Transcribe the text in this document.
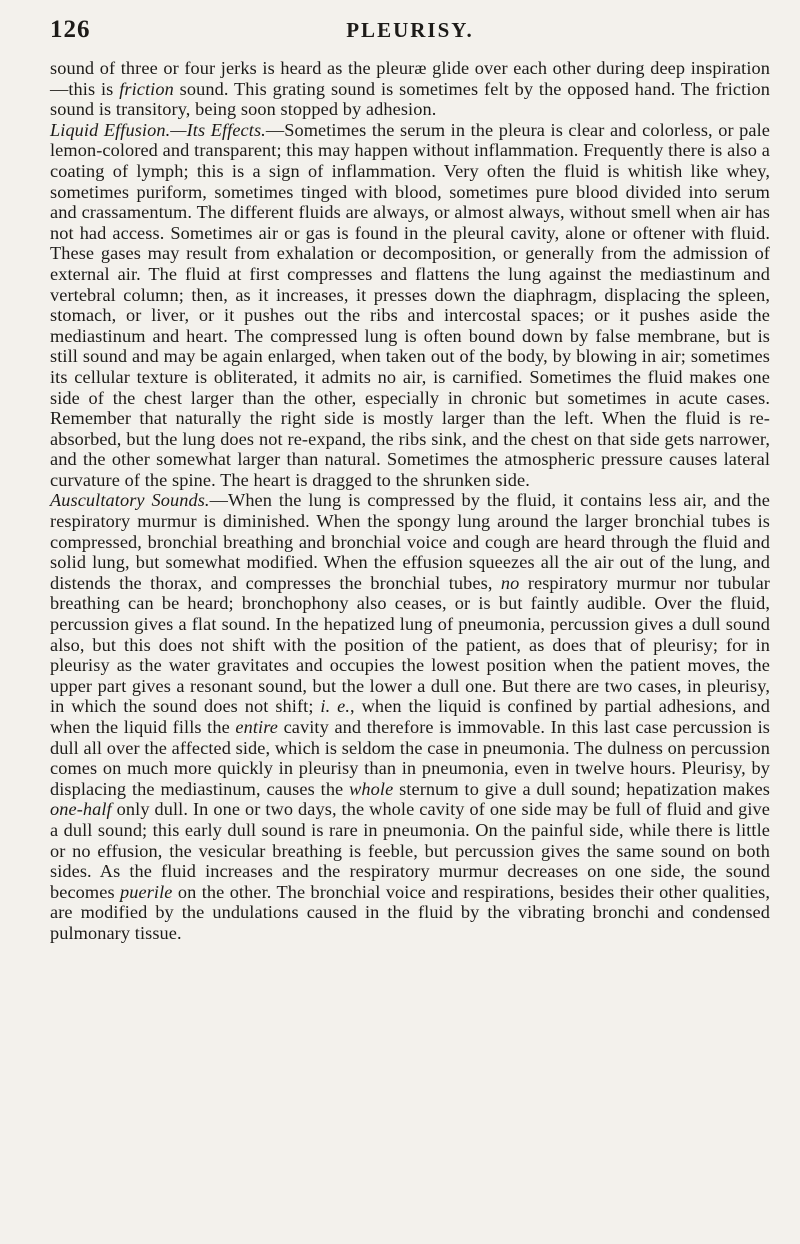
126	PLEURISY.

sound of three or four jerks is heard as the pleuræ glide over each other during deep inspiration—this is friction sound. This grating sound is sometimes felt by the opposed hand. The friction sound is transitory, being soon stopped by adhesion.

Liquid Effusion.—Its Effects.—Sometimes the serum in the pleura is clear and colorless, or pale lemon-colored and transparent; this may happen without inflammation. Frequently there is also a coating of lymph; this is a sign of inflammation. Very often the fluid is whitish like whey, sometimes puriform, sometimes tinged with blood, sometimes pure blood divided into serum and crassamentum. The different fluids are always, or almost always, without smell when air has not had access. Sometimes air or gas is found in the pleural cavity, alone or oftener with fluid. These gases may result from exhalation or decomposition, or generally from the admission of external air. The fluid at first compresses and flattens the lung against the mediastinum and vertebral column; then, as it increases, it presses down the diaphragm, displacing the spleen, stomach, or liver, or it pushes out the ribs and intercostal spaces; or it pushes aside the mediastinum and heart. The compressed lung is often bound down by false membrane, but is still sound and may be again enlarged, when taken out of the body, by blowing in air; sometimes its cellular texture is obliterated, it admits no air, is carnified. Sometimes the fluid makes one side of the chest larger than the other, especially in chronic but sometimes in acute cases. Remember that naturally the right side is mostly larger than the left. When the fluid is re-absorbed, but the lung does not re-expand, the ribs sink, and the chest on that side gets narrower, and the other somewhat larger than natural. Sometimes the atmospheric pressure causes lateral curvature of the spine. The heart is dragged to the shrunken side.

Auscultatory Sounds.—When the lung is compressed by the fluid, it contains less air, and the respiratory murmur is diminished. When the spongy lung around the larger bronchial tubes is compressed, bronchial breathing and bronchial voice and cough are heard through the fluid and solid lung, but somewhat modified. When the effusion squeezes all the air out of the lung, and distends the thorax, and compresses the bronchial tubes, no respiratory murmur nor tubular breathing can be heard; bronchophony also ceases, or is but faintly audible. Over the fluid, percussion gives a flat sound. In the hepatized lung of pneumonia, percussion gives a dull sound also, but this does not shift with the position of the patient, as does that of pleurisy; for in pleurisy as the water gravitates and occupies the lowest position when the patient moves, the upper part gives a resonant sound, but the lower a dull one. But there are two cases, in pleurisy, in which the sound does not shift; i. e., when the liquid is confined by partial adhesions, and when the liquid fills the entire cavity and therefore is immovable. In this last case percussion is dull all over the affected side, which is seldom the case in pneumonia. The dulness on percussion comes on much more quickly in pleurisy than in pneumonia, even in twelve hours. Pleurisy, by displacing the mediastinum, causes the whole sternum to give a dull sound; hepatization makes one-half only dull. In one or two days, the whole cavity of one side may be full of fluid and give a dull sound; this early dull sound is rare in pneumonia. On the painful side, while there is little or no effusion, the vesicular breathing is feeble, but percussion gives the same sound on both sides. As the fluid increases and the respiratory murmur decreases on one side, the sound becomes puerile on the other. The bronchial voice and respirations, besides their other qualities, are modified by the undulations caused in the fluid by the vibrating bronchi and condensed pulmonary tissue.
